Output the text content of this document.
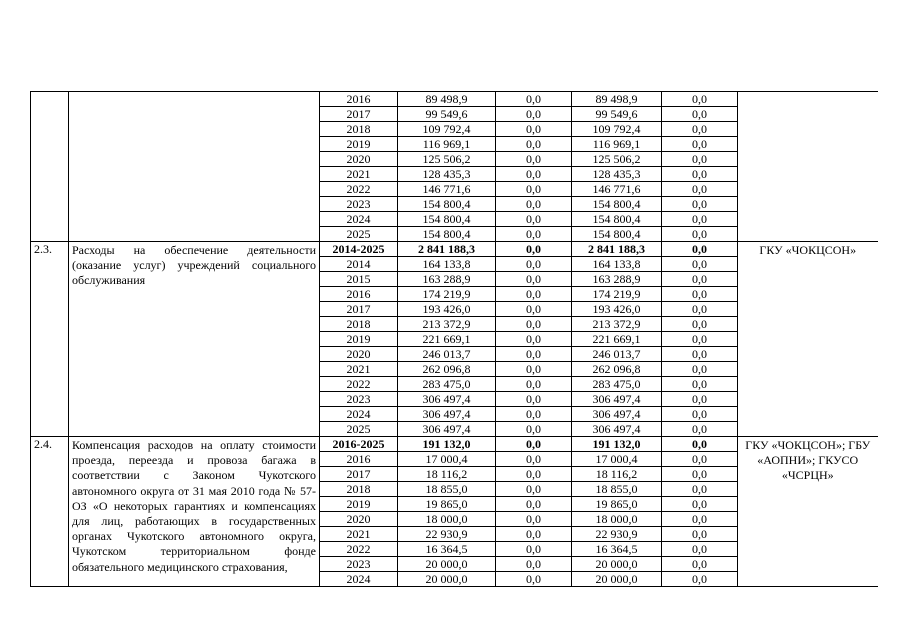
		2016	89 498,9	0,0	89 498,9	0,0	
		2017	99 549,6	0,0	99 549,6	0,0	
		2018	109 792,4	0,0	109 792,4	0,0	
		2019	116 969,1	0,0	116 969,1	0,0	
		2020	125 506,2	0,0	125 506,2	0,0	
		2021	128 435,3	0,0	128 435,3	0,0	
		2022	146 771,6	0,0	146 771,6	0,0	
		2023	154 800,4	0,0	154 800,4	0,0	
		2024	154 800,4	0,0	154 800,4	0,0	
		2025	154 800,4	0,0	154 800,4	0,0	
2.3.	Расходы на обеспечение деятельности (оказание услуг) учреждений социального обслуживания	2014-2025	2 841 188,3	0,0	2 841 188,3	0,0	ГКУ «ЧОКЦСОН»
		2014	164 133,8	0,0	164 133,8	0,0	
		2015	163 288,9	0,0	163 288,9	0,0	
		2016	174 219,9	0,0	174 219,9	0,0	
		2017	193 426,0	0,0	193 426,0	0,0	
		2018	213 372,9	0,0	213 372,9	0,0	
		2019	221 669,1	0,0	221 669,1	0,0	
		2020	246 013,7	0,0	246 013,7	0,0	
		2021	262 096,8	0,0	262 096,8	0,0	
		2022	283 475,0	0,0	283 475,0	0,0	
		2023	306 497,4	0,0	306 497,4	0,0	
		2024	306 497,4	0,0	306 497,4	0,0	
		2025	306 497,4	0,0	306 497,4	0,0	
2.4.	Компенсация расходов на оплату стоимости проезда, переезда и провоза багажа в соответствии с Законом Чукотского автономного округа от 31 мая 2010 года № 57-ОЗ «О некоторых гарантиях и компенсациях для лиц, работающих в государственных органах Чукотского автономного округа, Чукотском территориальном фонде обязательного медицинского страхования,	2016-2025	191 132,0	0,0	191 132,0	0,0	ГКУ «ЧОКЦСОН»; ГБУ «АОПНИ»; ГКУСО «ЧСРЦН»
		2016	17 000,4	0,0	17 000,4	0,0	
		2017	18 116,2	0,0	18 116,2	0,0	
		2018	18 855,0	0,0	18 855,0	0,0	
		2019	19 865,0	0,0	19 865,0	0,0	
		2020	18 000,0	0,0	18 000,0	0,0	
		2021	22 930,9	0,0	22 930,9	0,0	
		2022	16 364,5	0,0	16 364,5	0,0	
		2023	20 000,0	0,0	20 000,0	0,0	
		2024	20 000,0	0,0	20 000,0	0,0	
